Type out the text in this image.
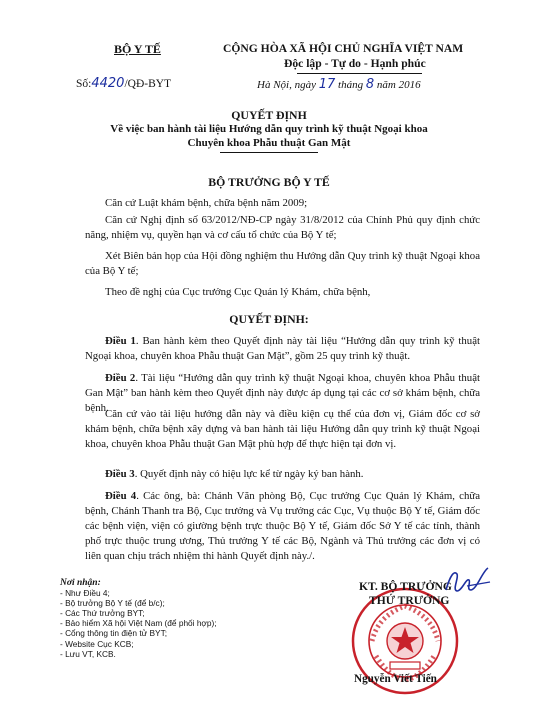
BỘ Y TẾ
Số:4420/QĐ-BYT
CỘNG HÒA XÃ HỘI CHỦ NGHĨA VIỆT NAM
Độc lập - Tự do - Hạnh phúc
Hà Nội, ngày 17 tháng 8 năm 2016
QUYẾT ĐỊNH
Về việc ban hành tài liệu Hướng dẫn quy trình kỹ thuật Ngoại khoa
Chuyên khoa Phẫu thuật Gan Mật
BỘ TRƯỞNG BỘ Y TẾ
Căn cứ Luật khám bệnh, chữa bệnh năm 2009;
Căn cứ Nghị định số 63/2012/NĐ-CP ngày 31/8/2012 của Chính Phủ quy định chức năng, nhiệm vụ, quyền hạn và cơ cấu tổ chức của Bộ Y tế;
Xét Biên bản họp của Hội đồng nghiệm thu Hướng dẫn Quy trình kỹ thuật Ngoại khoa của Bộ Y tế;
Theo đề nghị của Cục trưởng Cục Quản lý Khám, chữa bệnh,
QUYẾT ĐỊNH:
Điều 1. Ban hành kèm theo Quyết định này tài liệu “Hướng dẫn quy trình kỹ thuật Ngoại khoa, chuyên khoa Phẫu thuật Gan Mật”, gồm 25 quy trình kỹ thuật.
Điều 2. Tài liệu “Hướng dẫn quy trình kỹ thuật Ngoại khoa, chuyên khoa Phẫu thuật Gan Mật” ban hành kèm theo Quyết định này được áp dụng tại các cơ sở khám bệnh, chữa bệnh.
Căn cứ vào tài liệu hướng dẫn này và điều kiện cụ thể của đơn vị, Giám đốc cơ sở khám bệnh, chữa bệnh xây dựng và ban hành tài liệu Hướng dẫn quy trình kỹ thuật Ngoại khoa, chuyên khoa Phẫu thuật Gan Mật phù hợp để thực hiện tại đơn vị.
Điều 3. Quyết định này có hiệu lực kể từ ngày ký ban hành.
Điều 4. Các ông, bà: Chánh Văn phòng Bộ, Cục trưởng Cục Quản lý Khám, chữa bệnh, Chánh Thanh tra Bộ, Cục trưởng và Vụ trưởng các Cục, Vụ thuộc Bộ Y tế, Giám đốc các bệnh viện, viện có giường bệnh trực thuộc Bộ Y tế, Giám đốc Sở Y tế các tỉnh, thành phố trực thuộc trung ương, Thủ trưởng Y tế các Bộ, Ngành và Thủ trưởng các đơn vị có liên quan chịu trách nhiệm thi hành Quyết định này./.
Nơi nhận:
- Như Điều 4;
- Bộ trưởng Bộ Y tế (để b/c);
- Các Thứ trưởng BYT;
- Bảo hiểm Xã hội Việt Nam (để phối hợp);
- Cổng thông tin điện tử BYT;
- Website Cục KCB;
- Lưu VT, KCB.
KT. BỘ TRƯỞNG
THỨ TRƯỞNG
Nguyễn Viết Tiến
